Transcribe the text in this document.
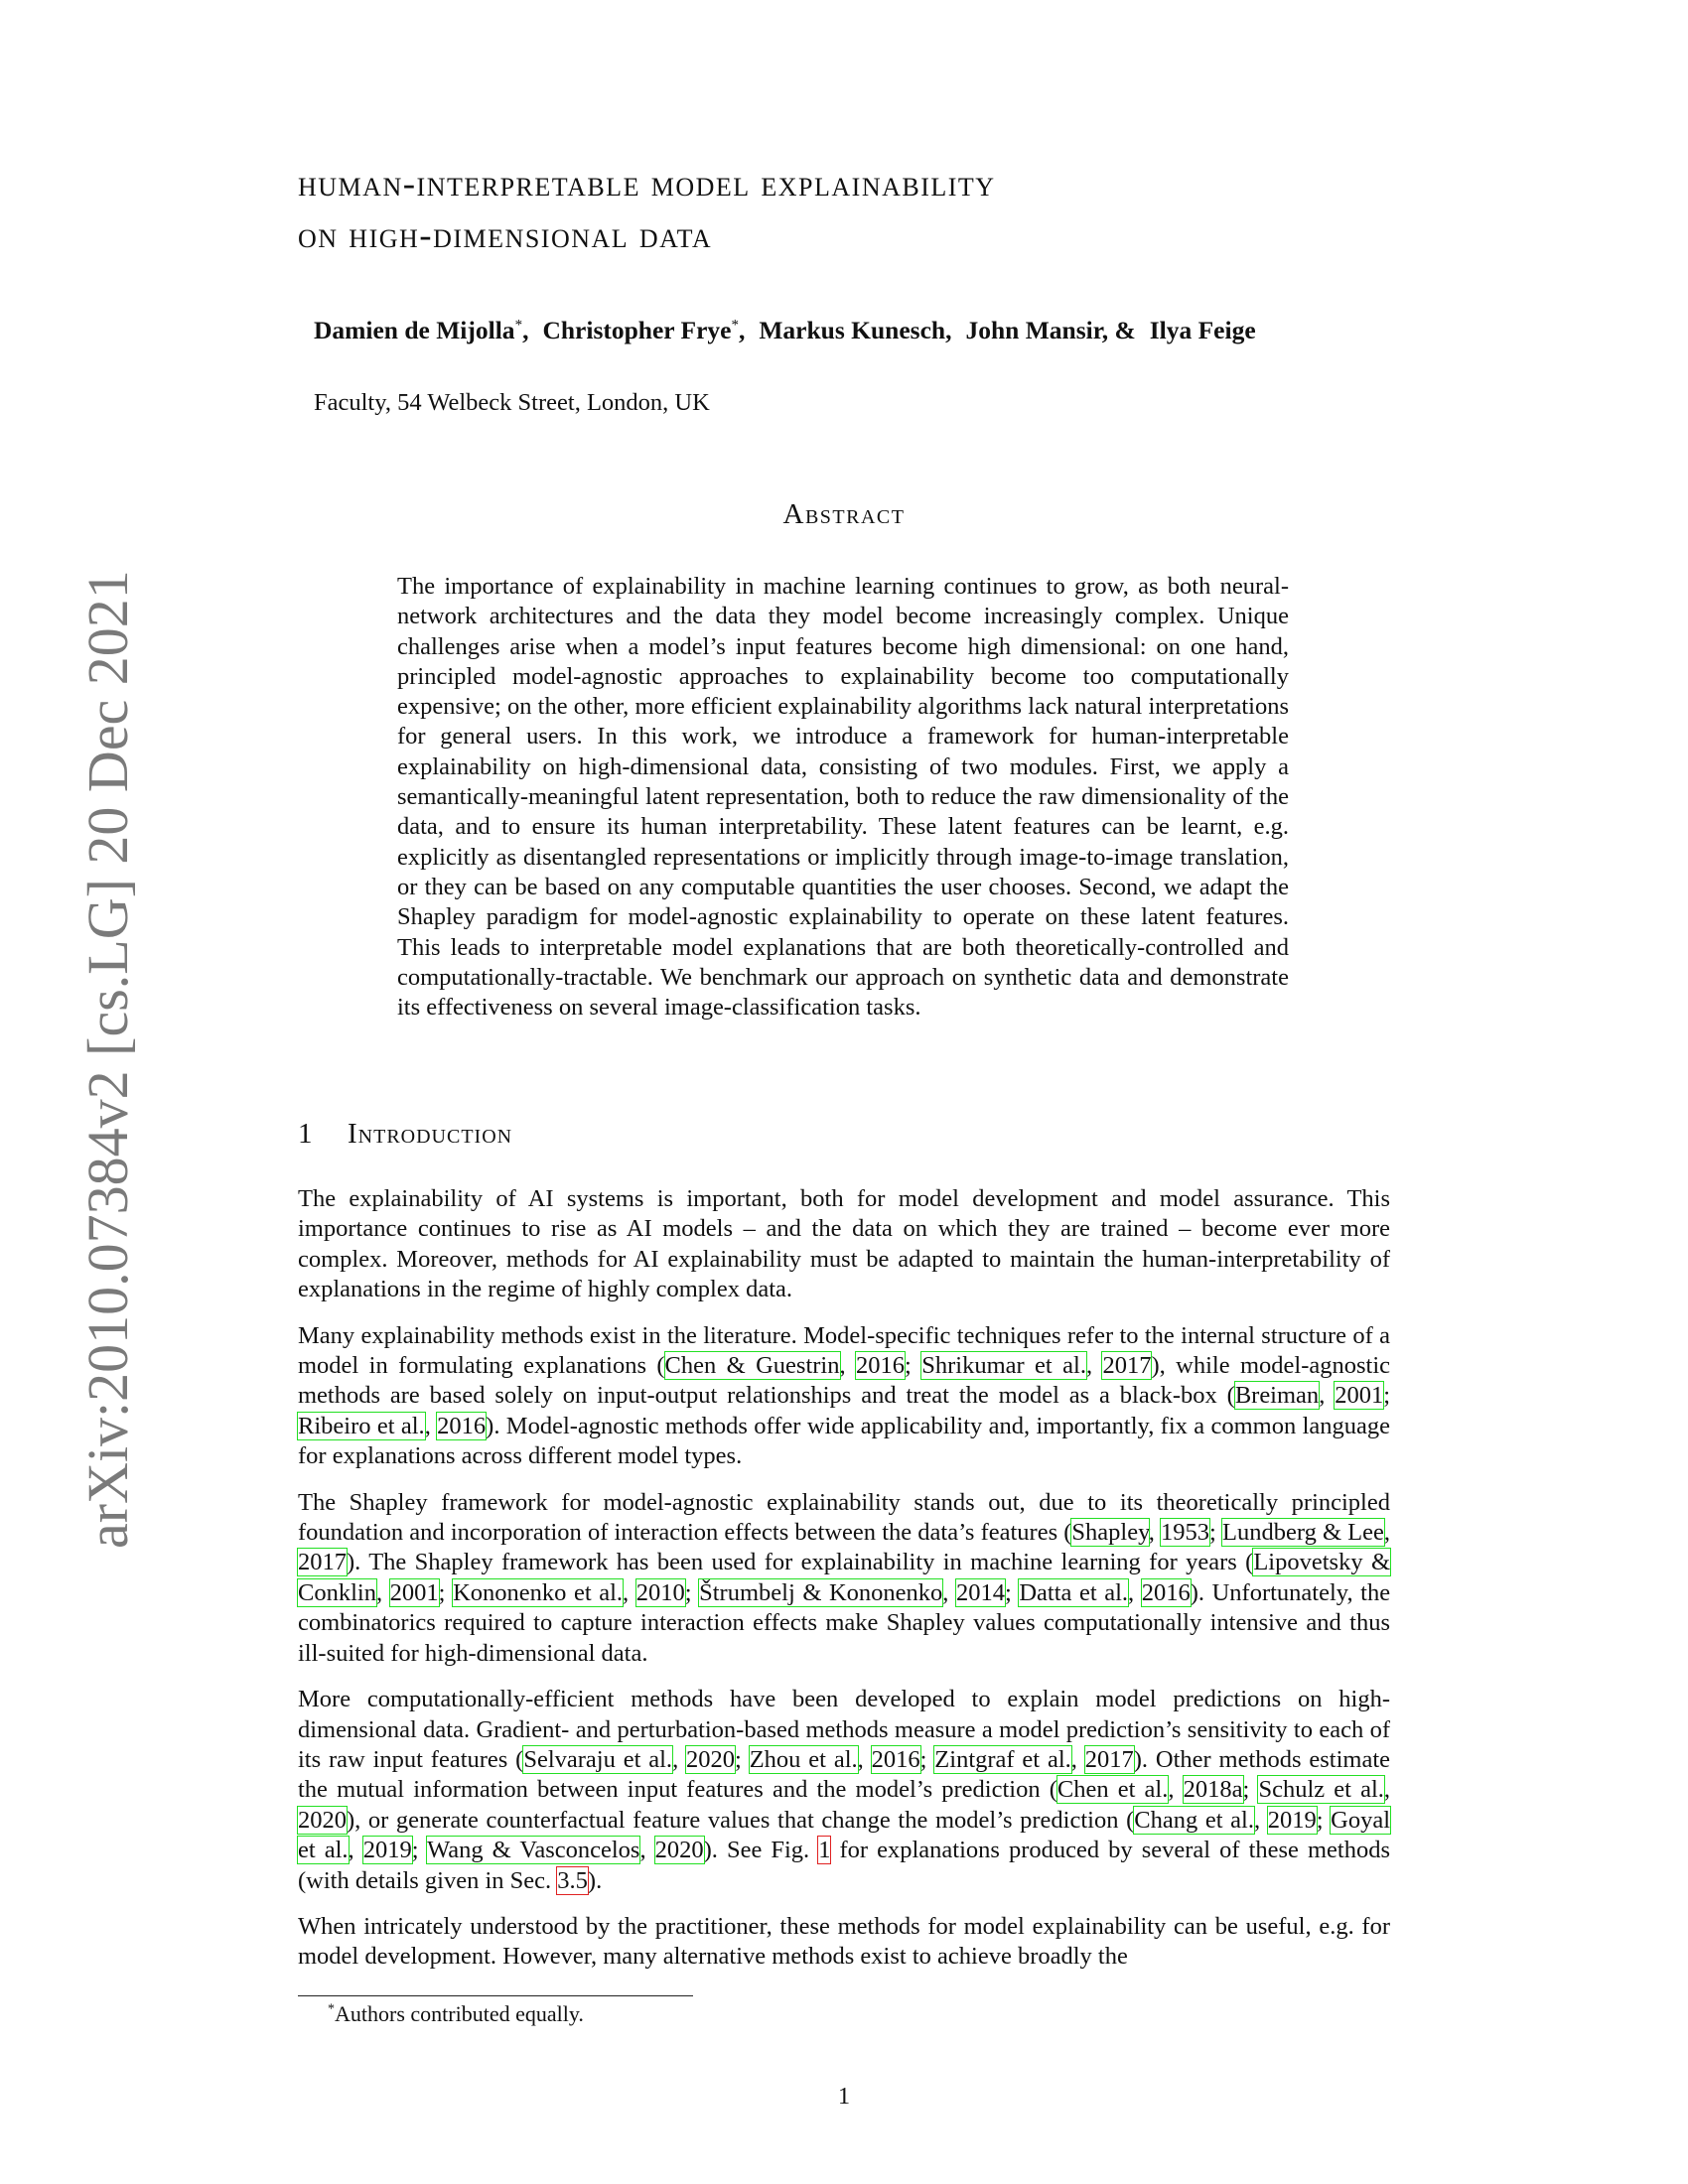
arXiv:2010.07384v2 [cs.LG] 20 Dec 2021
human-interpretable model explainability
on high-dimensional data
Damien de Mijolla*, Christopher Frye*, Markus Kunesch, John Mansir, & Ilya Feige
Faculty, 54 Welbeck Street, London, UK
Abstract
The importance of explainability in machine learning continues to grow, as both neural-network architectures and the data they model become increasingly complex. Unique challenges arise when a model’s input features become high dimensional: on one hand, principled model-agnostic approaches to explainability become too computationally expensive; on the other, more efficient explainability algorithms lack natural interpretations for general users. In this work, we introduce a framework for human-interpretable explainability on high-dimensional data, consisting of two modules. First, we apply a semantically-meaningful latent representation, both to reduce the raw dimensionality of the data, and to ensure its human interpretability. These latent features can be learnt, e.g. explicitly as disentangled representations or implicitly through image-to-image translation, or they can be based on any computable quantities the user chooses. Second, we adapt the Shapley paradigm for model-agnostic explainability to operate on these latent features. This leads to interpretable model explanations that are both theoretically-controlled and computationally-tractable. We benchmark our approach on synthetic data and demonstrate its effectiveness on several image-classification tasks.
1 Introduction

The explainability of AI systems is important, both for model development and model assurance. This importance continues to rise as AI models – and the data on which they are trained – become ever more complex. Moreover, methods for AI explainability must be adapted to maintain the human-interpretability of explanations in the regime of highly complex data.

Many explainability methods exist in the literature. Model-specific techniques refer to the internal structure of a model in formulating explanations (Chen & Guestrin, 2016; Shrikumar et al., 2017), while model-agnostic methods are based solely on input-output relationships and treat the model as a black-box (Breiman, 2001; Ribeiro et al., 2016). Model-agnostic methods offer wide applicability and, importantly, fix a common language for explanations across different model types.

The Shapley framework for model-agnostic explainability stands out, due to its theoretically principled foundation and incorporation of interaction effects between the data’s features (Shapley, 1953; Lundberg & Lee, 2017). The Shapley framework has been used for explainability in machine learning for years (Lipovetsky & Conklin, 2001; Kononenko et al., 2010; Štrumbelj & Kononenko, 2014; Datta et al., 2016). Unfortunately, the combinatorics required to capture interaction effects make Shapley values computationally intensive and thus ill-suited for high-dimensional data.

More computationally-efficient methods have been developed to explain model predictions on high-dimensional data. Gradient- and perturbation-based methods measure a model prediction’s sensitivity to each of its raw input features (Selvaraju et al., 2020; Zhou et al., 2016; Zintgraf et al., 2017). Other methods estimate the mutual information between input features and the model’s prediction (Chen et al., 2018a; Schulz et al., 2020), or generate counterfactual feature values that change the model’s prediction (Chang et al., 2019; Goyal et al., 2019; Wang & Vasconcelos, 2020). See Fig. 1 for explanations produced by several of these methods (with details given in Sec. 3.5).

When intricately understood by the practitioner, these methods for model explainability can be useful, e.g. for model development. However, many alternative methods exist to achieve broadly the

*Authors contributed equally.
1
